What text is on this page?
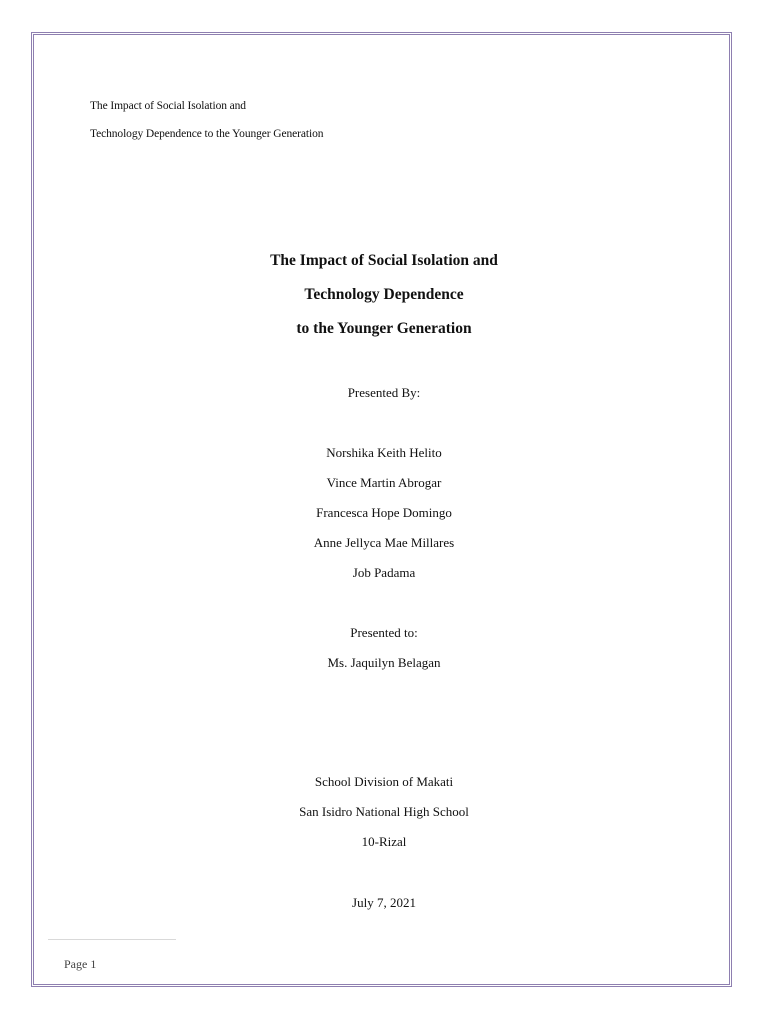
The Impact of Social Isolation and
Technology Dependence to the Younger Generation
The Impact of Social Isolation and
Technology Dependence
to the Younger Generation
Presented By:
Norshika Keith Helito
Vince Martin Abrogar
Francesca Hope Domingo
Anne Jellyca Mae Millares
Job Padama
Presented to:
Ms. Jaquilyn Belagan
School Division of Makati
San Isidro National High School
10-Rizal
July 7, 2021
Page 1
